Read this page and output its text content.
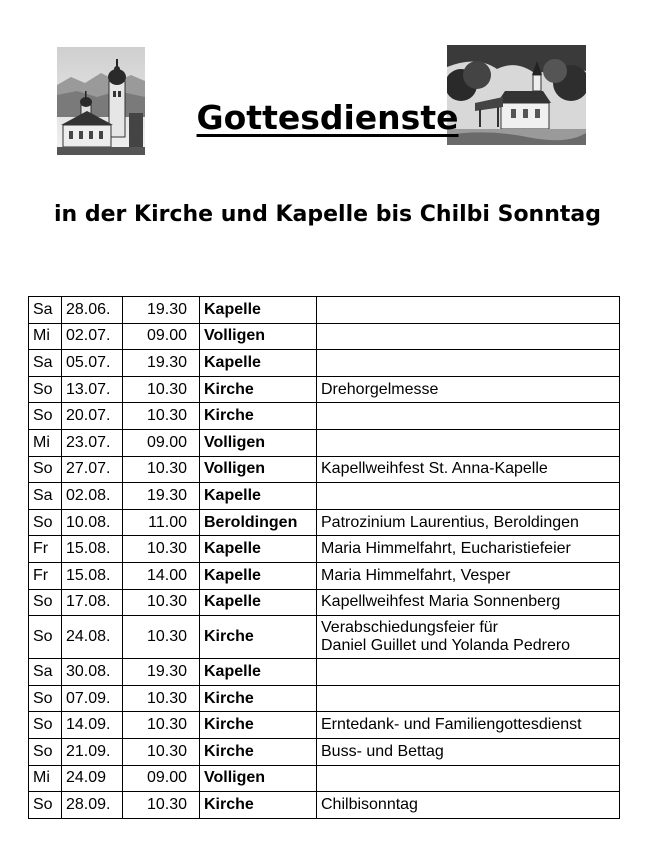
Gottesdienste
in der Kirche und Kapelle bis Chilbi Sonntag
Sa	28.06.	19.30	Kapelle	
Mi	02.07.	09.00	Volligen	
Sa	05.07.	19.30	Kapelle	
So	13.07.	10.30	Kirche	Drehorgelmesse
So	20.07.	10.30	Kirche	
Mi	23.07.	09.00	Volligen	
So	27.07.	10.30	Volligen	Kapellweihfest St. Anna-Kapelle
Sa	02.08.	19.30	Kapelle	
So	10.08.	11.00	Beroldingen	Patrozinium Laurentius, Beroldingen
Fr	15.08.	10.30	Kapelle	Maria Himmelfahrt, Eucharistiefeier
Fr	15.08.	14.00	Kapelle	Maria Himmelfahrt, Vesper
So	17.08.	10.30	Kapelle	Kapellweihfest Maria Sonnenberg
So	24.08.	10.30	Kirche	Verabschiedungsfeier für
Daniel Guillet und Yolanda Pedrero
Sa	30.08.	19.30	Kapelle	
So	07.09.	10.30	Kirche	
So	14.09.	10.30	Kirche	Erntedank- und Familiengottesdienst
So	21.09.	10.30	Kirche	Buss- und Bettag
Mi	24.09	09.00	Volligen	
So	28.09.	10.30	Kirche	Chilbisonntag
